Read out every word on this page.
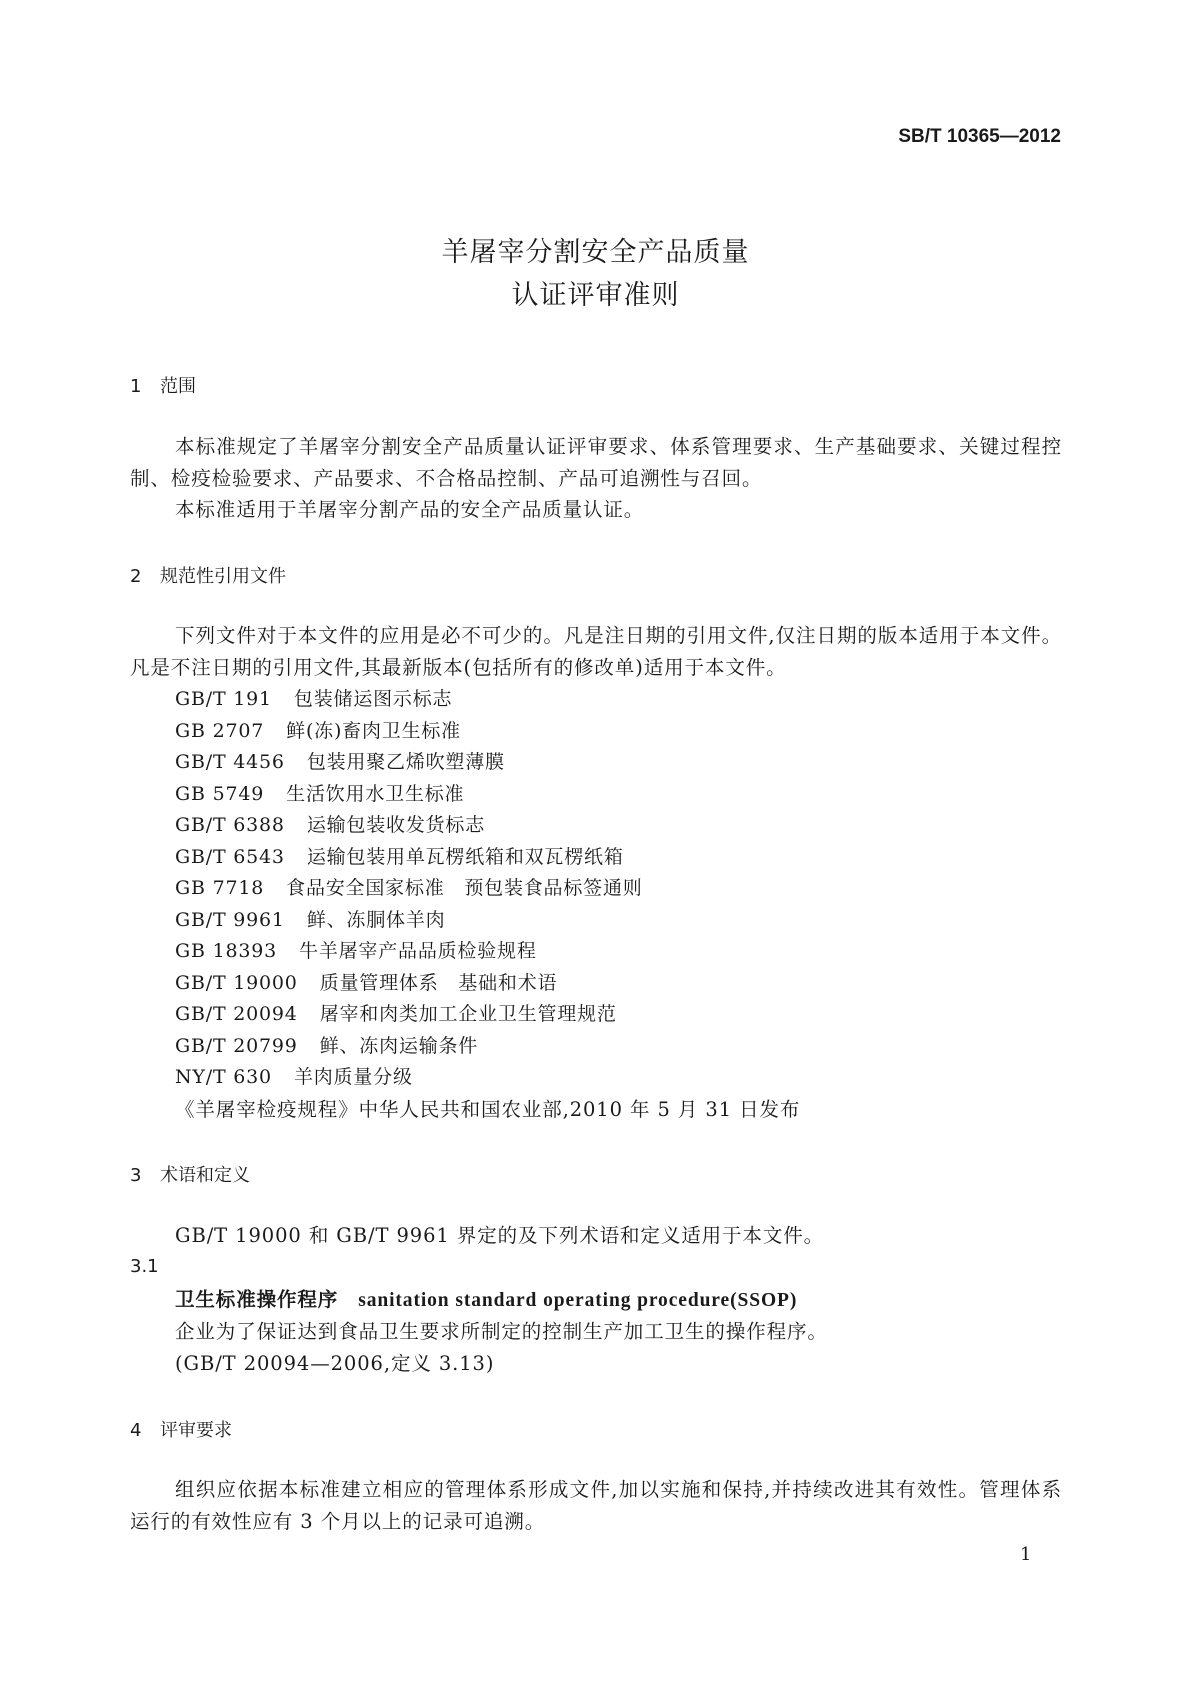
SB/T 10365—2012
羊屠宰分割安全产品质量
认证评审准则
1 范围

本标准规定了羊屠宰分割安全产品质量认证评审要求、体系管理要求、生产基础要求、关键过程控制、检疫检验要求、产品要求、不合格品控制、产品可追溯性与召回。

本标准适用于羊屠宰分割产品的安全产品质量认证。

2 规范性引用文件

下列文件对于本文件的应用是必不可少的。凡是注日期的引用文件,仅注日期的版本适用于本文件。凡是不注日期的引用文件,其最新版本(包括所有的修改单)适用于本文件。

GB/T 191 包装储运图示标志
GB 2707 鲜(冻)畜肉卫生标准
GB/T 4456 包装用聚乙烯吹塑薄膜
GB 5749 生活饮用水卫生标准
GB/T 6388 运输包装收发货标志
GB/T 6543 运输包装用单瓦楞纸箱和双瓦楞纸箱
GB 7718 食品安全国家标准　预包装食品标签通则
GB/T 9961 鲜、冻胴体羊肉
GB 18393 牛羊屠宰产品品质检验规程
GB/T 19000 质量管理体系　基础和术语
GB/T 20094 屠宰和肉类加工企业卫生管理规范
GB/T 20799 鲜、冻肉运输条件
NY/T 630 羊肉质量分级
《羊屠宰检疫规程》中华人民共和国农业部,2010 年 5 月 31 日发布
3 术语和定义
GB/T 19000 和 GB/T 9961 界定的及下列术语和定义适用于本文件。
3.1
卫生标准操作程序 sanitation standard operating procedure(SSOP)
企业为了保证达到食品卫生要求所制定的控制生产加工卫生的操作程序。
(GB/T 20094—2006,定义 3.13)
4 评审要求

组织应依据本标准建立相应的管理体系形成文件,加以实施和保持,并持续改进其有效性。管理体系运行的有效性应有 3 个月以上的记录可追溯。

1
